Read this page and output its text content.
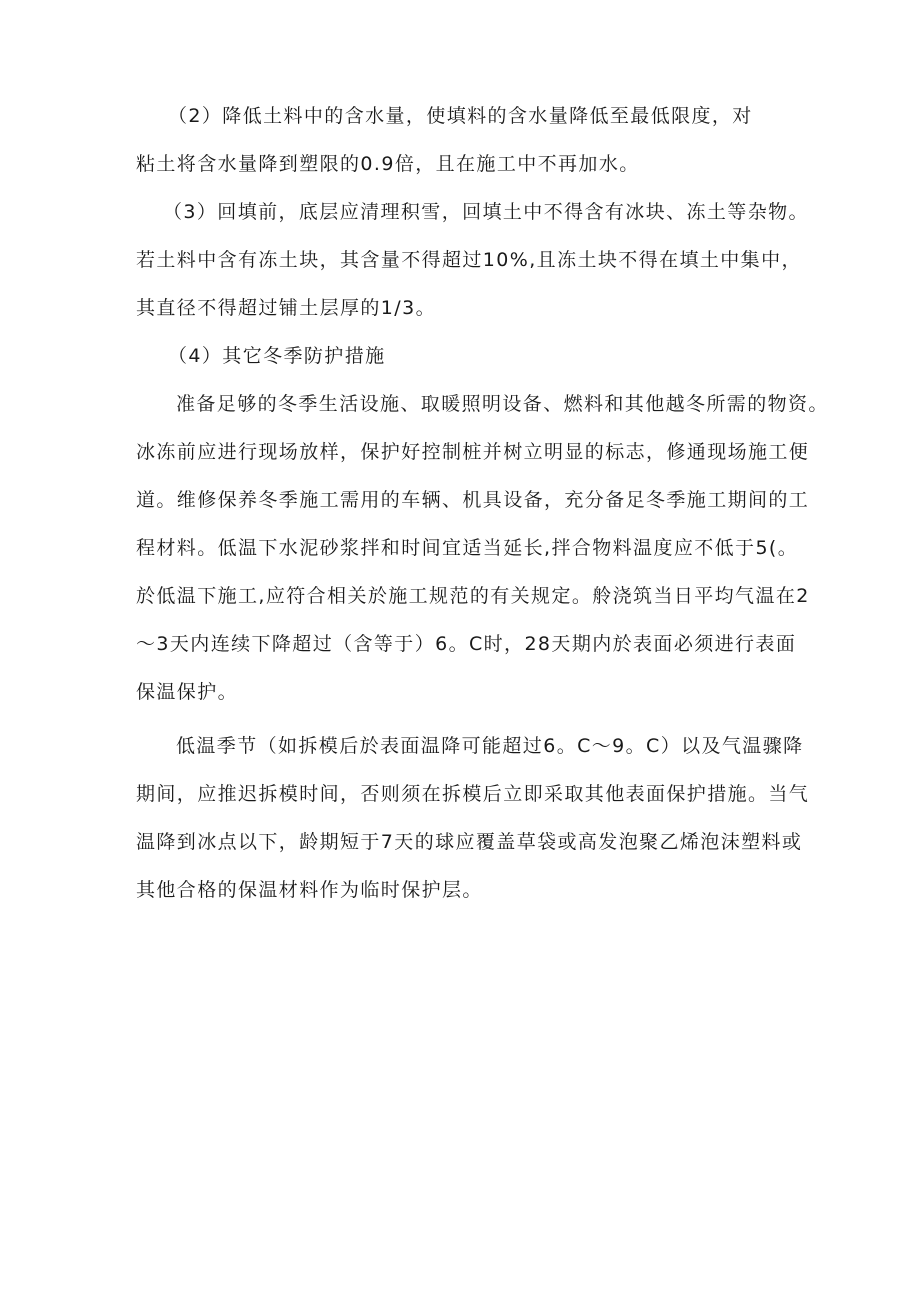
（2）降低土料中的含水量，使填料的含水量降低至最低限度，对
粘土将含水量降到塑限的0.9倍，且在施工中不再加水。
（3）回填前，底层应清理积雪，回填土中不得含有冰块、冻土等杂物。
若土料中含有冻土块，其含量不得超过10%,且冻土块不得在填土中集中，
其直径不得超过铺土层厚的1/3。
（4）其它冬季防护措施
准备足够的冬季生活设施、取暖照明设备、燃料和其他越冬所需的物资。
冰冻前应进行现场放样，保护好控制桩并树立明显的标志，修通现场施工便
道。维修保养冬季施工需用的车辆、机具设备，充分备足冬季施工期间的工
程材料。低温下水泥砂浆拌和时间宜适当延长,拌合物料温度应不低于5(。
於低温下施工,应符合相关於施工规范的有关规定。舲浇筑当日平均气温在2
～3天内连续下降超过（含等于）6。C时，28天期内於表面必须进行表面
保温保护。
低温季节（如拆模后於表面温降可能超过6。C～9。C）以及气温骤降
期间，应推迟拆模时间，否则须在拆模后立即采取其他表面保护措施。当气
温降到冰点以下，龄期短于7天的球应覆盖草袋或高发泡聚乙烯泡沫塑料或
其他合格的保温材料作为临时保护层。
